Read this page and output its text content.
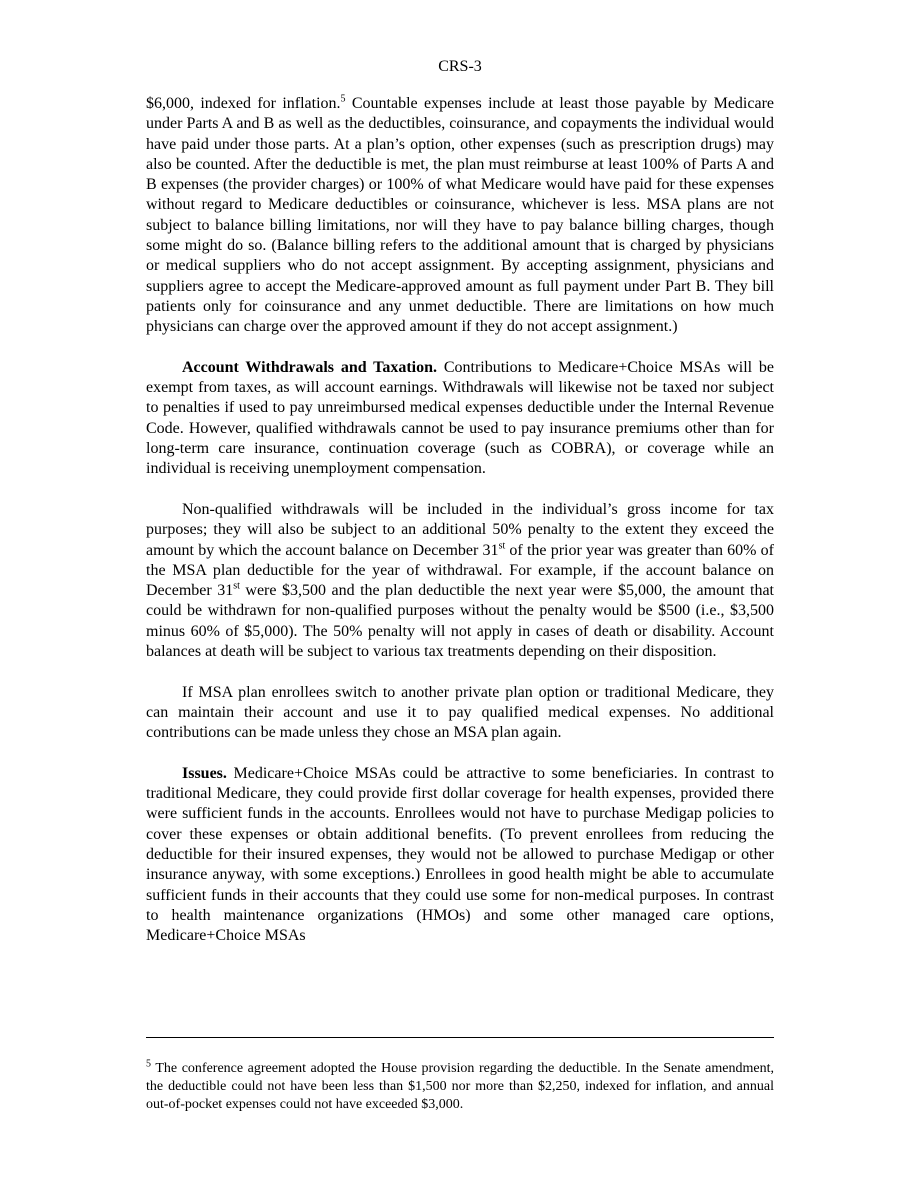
CRS-3

$6,000, indexed for inflation.$^5$ Countable expenses include at least those payable by Medicare under Parts A and B as well as the deductibles, coinsurance, and copayments the individual would have paid under those parts. At a plan’s option, other expenses (such as prescription drugs) may also be counted. After the deductible is met, the plan must reimburse at least 100% of Parts A and B expenses (the provider charges) or 100% of what Medicare would have paid for these expenses without regard to Medicare deductibles or coinsurance, whichever is less. MSA plans are not subject to balance billing limitations, nor will they have to pay balance billing charges, though some might do so. (Balance billing refers to the additional amount that is charged by physicians or medical suppliers who do not accept assignment. By accepting assignment, physicians and suppliers agree to accept the Medicare-approved amount as full payment under Part B. They bill patients only for coinsurance and any unmet deductible. There are limitations on how much physicians can charge over the approved amount if they do not accept assignment.)

Account Withdrawals and Taxation. Contributions to Medicare+Choice MSAs will be exempt from taxes, as will account earnings. Withdrawals will likewise not be taxed nor subject to penalties if used to pay unreimbursed medical expenses deductible under the Internal Revenue Code. However, qualified withdrawals cannot be used to pay insurance premiums other than for long-term care insurance, continuation coverage (such as COBRA), or coverage while an individual is receiving unemployment compensation.

Non-qualified withdrawals will be included in the individual’s gross income for tax purposes; they will also be subject to an additional 50% penalty to the extent they exceed the amount by which the account balance on December 31st of the prior year was greater than 60% of the MSA plan deductible for the year of withdrawal. For example, if the account balance on December 31st were $3,500 and the plan deductible the next year were $5,000, the amount that could be withdrawn for non-qualified purposes without the penalty would be $500 (i.e., $3,500 minus 60% of $5,000). The 50% penalty will not apply in cases of death or disability. Account balances at death will be subject to various tax treatments depending on their disposition.

If MSA plan enrollees switch to another private plan option or traditional Medicare, they can maintain their account and use it to pay qualified medical expenses. No additional contributions can be made unless they chose an MSA plan again.

Issues. Medicare+Choice MSAs could be attractive to some beneficiaries. In contrast to traditional Medicare, they could provide first dollar coverage for health expenses, provided there were sufficient funds in the accounts. Enrollees would not have to purchase Medigap policies to cover these expenses or obtain additional benefits. (To prevent enrollees from reducing the deductible for their insured expenses, they would not be allowed to purchase Medigap or other insurance anyway, with some exceptions.) Enrollees in good health might be able to accumulate sufficient funds in their accounts that they could use some for non-medical purposes. In contrast to health maintenance organizations (HMOs) and some other managed care options, Medicare+Choice MSAs

$^5$ The conference agreement adopted the House provision regarding the deductible. In the Senate amendment, the deductible could not have been less than $1,500 nor more than $2,250, indexed for inflation, and annual out-of-pocket expenses could not have exceeded $3,000.
